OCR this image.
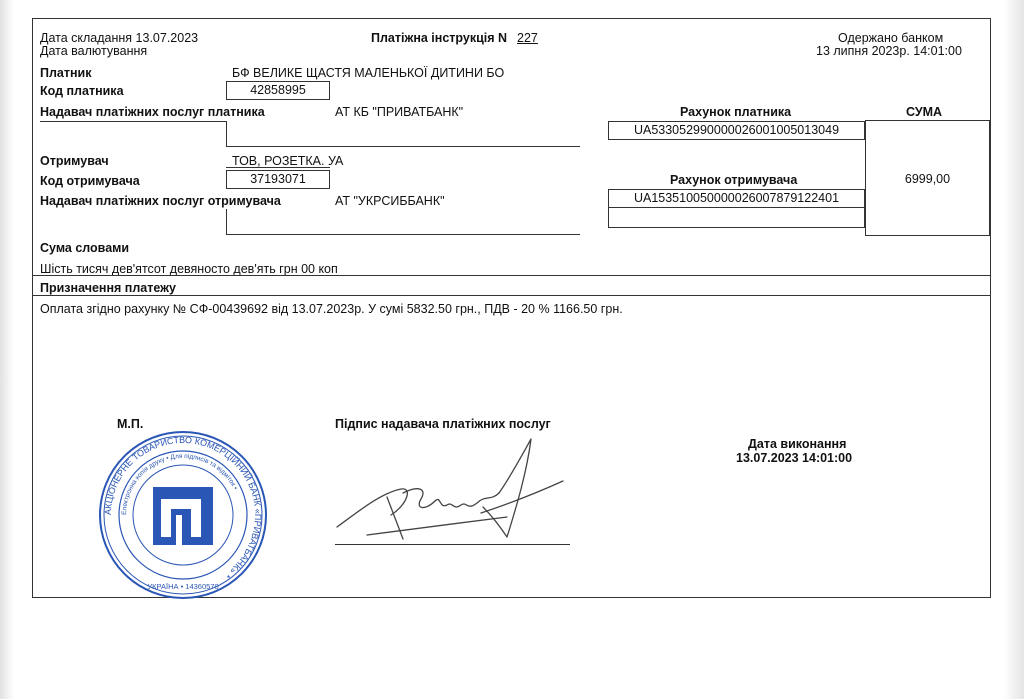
Дата складання 13.07.2023
Дата валютування
Платіжна інструкція N 227	Одержано банком
13 липня 2023р. 14:01:00
Платник	БФ ВЕЛИКЕ ЩАСТЯ МАЛЕНЬКОЇ ДИТИНИ БО
Код платника	42858995
Надавач платіжних послуг платника	АТ КБ "ПРИВАТБАНК"	Рахунок платника
UA533052990000026001005013049
СУМА
6999,00
Отримувач	ТОВ, РОЗЕТКА. УА
Код отримувача	37193071
Надавач платіжних послуг отримувача	АТ "УКРСИББАНК"
Рахунок отримувача
UA153510050000026007879122401
Сума словами
Шість тисяч дев'ятсот девяносто дев'ять грн 00 коп
Призначення платежу
Оплата згідно рахунку № СФ-00439692 від 13.07.2023р. У сумі 5832.50 грн., ПДВ - 20 % 1166.50 грн.
М.П.	Підпис надавача платіжних послуг
Дата виконання
13.07.2023 14:01:00
АКЦІОНЕРНЕ ТОВАРИСТВО КОМЕРЦІЙНИЙ БАНК «ПРИВАТБАНК» *
Електронна копія друку • Для підписів та відміток •
УКРАЇНА • 14360570
